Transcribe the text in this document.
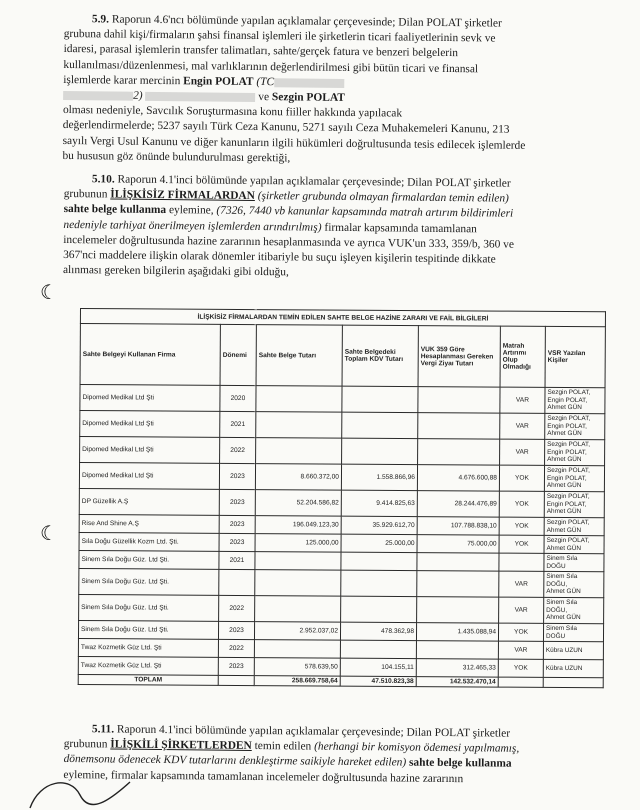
5.9. Raporun 4.6'ncı bölümünde yapılan açıklamalar çerçevesinde; Dilan POLAT şirketler
grubuna dahil kişi/firmaların şahsi finansal işlemleri ile şirketlerin ticari faaliyetlerinin sevk ve
idaresi, parasal işlemlerin transfer talimatları, sahte/gerçek fatura ve benzeri belgelerin
kullanılması/düzenlenmesi, mal varlıklarının değerlendirilmesi gibi bütün ticari ve finansal
işlemlerde karar mercinin Engin POLAT (TC
2)	ve Sezgin POLAT
olması nedeniyle, Savcılık Soruşturmasına konu fiiller hakkında yapılacak
değerlendirmelerde; 5237 sayılı Türk Ceza Kanunu, 5271 sayılı Ceza Muhakemeleri Kanunu, 213
sayılı Vergi Usul Kanunu ve diğer kanunların ilgili hükümleri doğrultusunda tesis edilecek işlemlerde
bu hususun göz önünde bulundurulması gerektiği,
5.10. Raporun 4.1'inci bölümünde yapılan açıklamalar çerçevesinde; Dilan POLAT şirketler
grubunun İLİŞKİSİZ FİRMALARDAN (şirketler grubunda olmayan firmalardan temin edilen)
sahte belge kullanma eylemine, (7326, 7440 vb kanunlar kapsamında matrah artırım bildirimleri
nedeniyle tarhiyat önerilmeyen işlemlerden arındırılmış) firmalar kapsamında tamamlanan
incelemeler doğrultusunda hazine zararının hesaplanmasında ve ayrıca VUK'un 333, 359/b, 360 ve
367'nci maddelere ilişkin olarak dönemler itibariyle bu suçu işleyen kişilerin tespitinde dikkate
alınması gereken bilgilerin aşağıdaki gibi olduğu,
☾
☾
İLİŞKİSİZ FİRMALARDAN TEMİN EDİLEN SAHTE BELGE HAZİNE ZARARI VE FAİL BİLGİLERİ						
Sahte Belgeyi Kullanan Firma	Dönemi	Sahte Belge Tutarı	Sahte Belgedeki Toplam KDV Tutarı	VUK 359 Göre Hesaplanması Gereken Vergi Ziyaı Tutarı	Matrah Artırımı Olup Olmadığı	VSR Yazılan Kişiler
Dipomed Medikal Ltd Şti	2020				VAR	Sezgin POLAT,
Engin POLAT,
Ahmet GÜN

Dipomed Medikal Ltd Şti	2021				VAR	Sezgin POLAT,
Engin POLAT,
Ahmet GÜN

Dipomed Medikal Ltd Şti	2022				VAR	Sezgin POLAT,
Engin POLAT,
Ahmet GÜN

Dipomed Medikal Ltd Şti	2023	8.660.372,00	1.558.866,96	4.676.600,88	YOK	Sezgin POLAT,
Engin POLAT,
Ahmet GÜN

DP Güzellik A.Ş	2023	52.204.586,82	9.414.825,63	28.244.476,89	YOK	Sezgin POLAT,
Engin POLAT,
Ahmet GÜN

Rise And Shine A.Ş	2023	196.049.123,30	35.929.612,70	107.788.838,10	YOK	Sezgin POLAT,
Ahmet GÜN

Sıla Doğu Güzellik Kozm Ltd. Şti.	2023	125.000,00	25.000,00	75.000,00	YOK	Sezgin POLAT,
Ahmet GÜN

Sinem Sıla Doğu Güz. Ltd Şti.	2021					Sinem Sıla
DOĞU

Sinem Sıla Doğu Güz. Ltd Şti.					VAR	Sinem Sıla
DOĞU,
Ahmet GÜN

Sinem Sıla Doğu Güz. Ltd Şti.	2022				VAR	Sinem Sıla
DOĞU,
Ahmet GÜN

Sinem Sıla Doğu Güz. Ltd Şti.	2023	2.952.037,02	478.362,98	1.435.088,94	YOK	Sinem Sıla
DOĞU

Twaz Kozmetik Güz Ltd. Şti	2022				VAR	Kübra UZUN

Twaz Kozmetik Güz Ltd. Şti	2023	578.639,50	104.155,11	312.465,33	YOK	Kübra UZUN

TOPLAM		258.669.758,64	47.510.823,38	142.532.470,14		
5.11. Raporun 4.1'inci bölümünde yapılan açıklamalar çerçevesinde; Dilan POLAT şirketler
grubunun İLİŞKİLİ ŞİRKETLERDEN temin edilen (herhangi bir komisyon ödemesi yapılmamış,
dönemsonu ödenecek KDV tutarlarını denkleştirme saikiyle hareket edilen) sahte belge kullanma
eylemine, firmalar kapsamında tamamlanan incelemeler doğrultusunda hazine zararının
